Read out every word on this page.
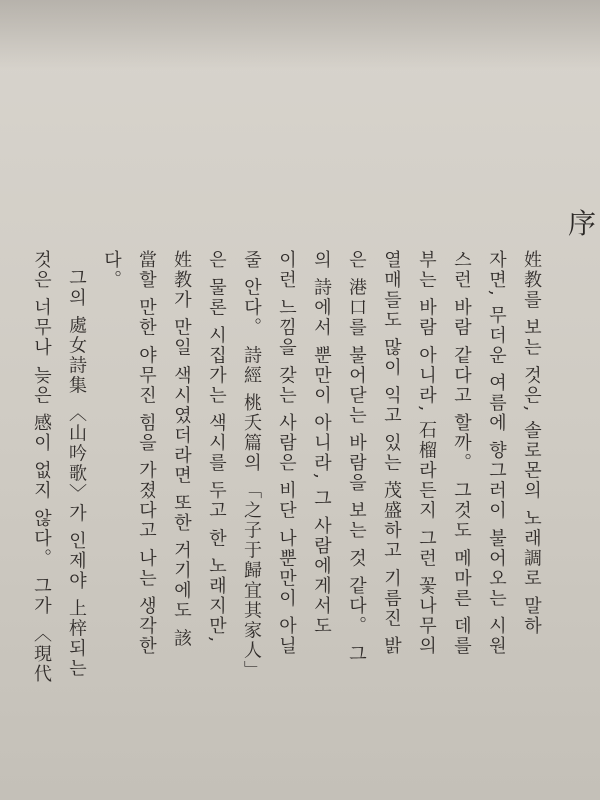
序
姓教를 보는 것은, 솔로몬의 노래調로 말하
자면, 무더운 여름에 향그러이 불어오는 시원
스런 바람 같다고 할까。 그것도 메마른 데를
부는 바람 아니라, 石榴라든지 그런 꽃나무의
열매들도 많이 익고 있는 茂盛하고 기름진 밝
은 港口를 불어닫는 바람을 보는 것 같다。 그
의 詩에서 뿐만이 아니라, 그 사람에게서도
이런 느낌을 갖는 사람은 비단 나뿐만이 아닐
줄 안다。 詩經 桃夭篇의 「之子于歸宜其家人」
은 물론 시집가는 색시를 두고 한 노래지만,
姓教가 만일 색시였더라면 또한 거기에도 該
當할 만한 야무진 힘을 가졌다고 나는 생각한
다。
그의 處女詩集 〈山吟歌〉가 인제야 上梓되는
것은 너무나 늦은 感이 없지 않다。 그가 〈現代
